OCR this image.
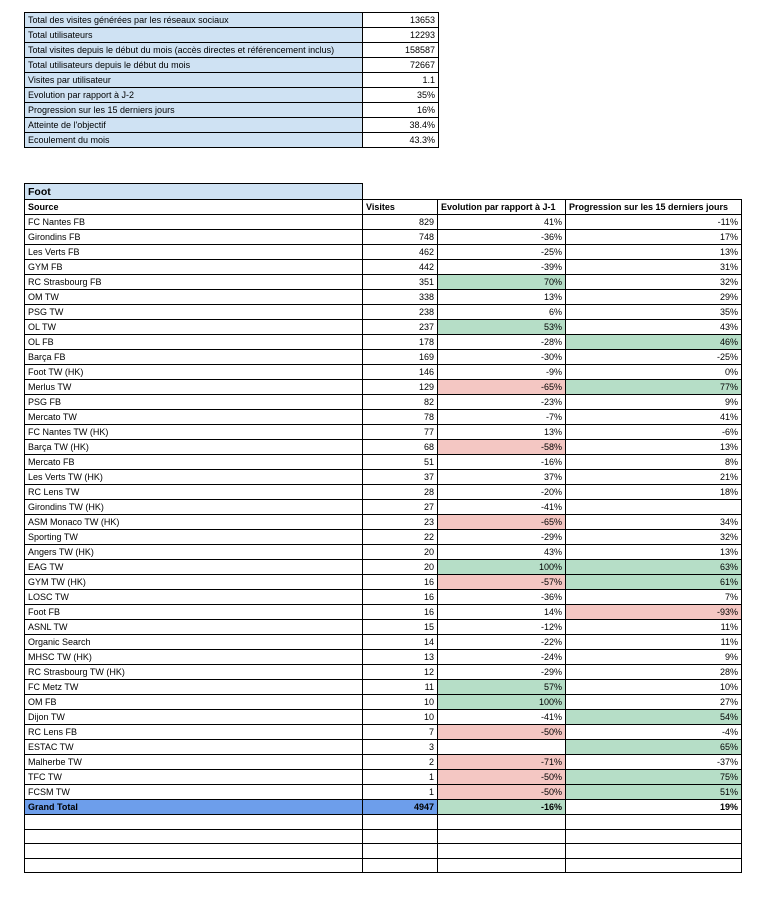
Total des visites générées par les réseaux sociaux	13653
Total utilisateurs	12293
Total visites depuis le début du mois (accès directes et référencement inclus)	158587
Total utilisateurs depuis le début du mois	72667
Visites par utilisateur	1.1
Evolution par rapport à J-2	35%
Progression sur les 15 derniers jours	16%
Atteinte de l'objectif	38.4%
Ecoulement du mois	43.3%
Foot			
Source	Visites	Evolution par rapport à J-1	Progression sur les 15 derniers jours
FC Nantes FB	829	41%	-11%
Girondins FB	748	-36%	17%
Les Verts FB	462	-25%	13%
GYM FB	442	-39%	31%
RC Strasbourg FB	351	70%	32%
OM TW	338	13%	29%
PSG TW	238	6%	35%
OL TW	237	53%	43%
OL FB	178	-28%	46%
Barça FB	169	-30%	-25%
Foot TW (HK)	146	-9%	0%
Merlus TW	129	-65%	77%
PSG FB	82	-23%	9%
Mercato TW	78	-7%	41%
FC Nantes TW (HK)	77	13%	-6%
Barça TW (HK)	68	-58%	13%
Mercato FB	51	-16%	8%
Les Verts TW (HK)	37	37%	21%
RC Lens TW	28	-20%	18%
Girondins TW (HK)	27	-41%	
ASM Monaco TW (HK)	23	-65%	34%
Sporting TW	22	-29%	32%
Angers TW (HK)	20	43%	13%
EAG TW	20	100%	63%
GYM TW (HK)	16	-57%	61%
LOSC TW	16	-36%	7%
Foot FB	16	14%	-93%
ASNL TW	15	-12%	11%
Organic Search	14	-22%	11%
MHSC TW (HK)	13	-24%	9%
RC Strasbourg TW (HK)	12	-29%	28%
FC Metz TW	11	57%	10%
OM FB	10	100%	27%
Dijon TW	10	-41%	54%
RC Lens FB	7	-50%	-4%
ESTAC TW	3		65%
Malherbe TW	2	-71%	-37%
TFC TW	1	-50%	75%
FCSM TW	1	-50%	51%
Grand Total	4947	-16%	19%
